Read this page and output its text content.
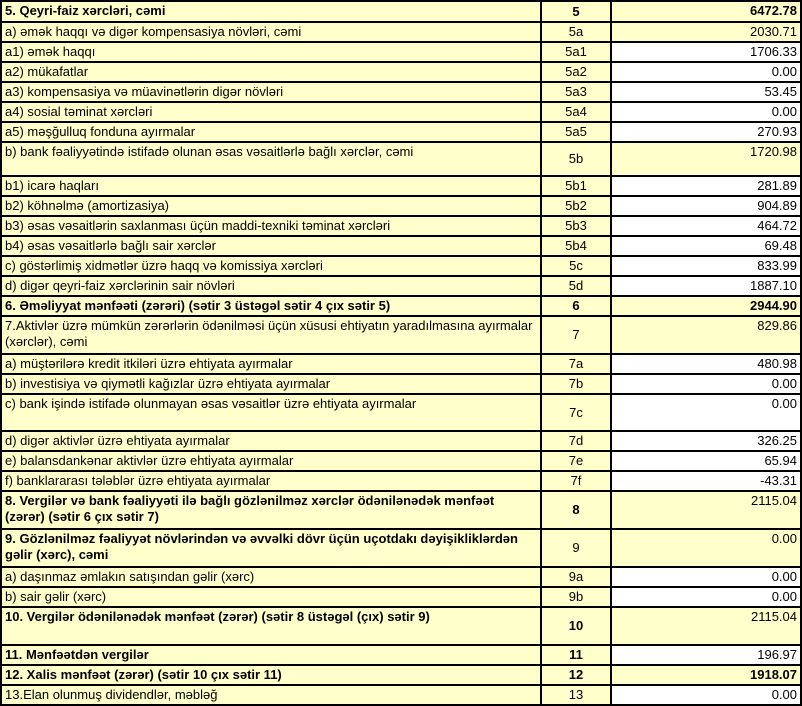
5. Qeyri-faiz xərcləri, cəmi	5	6472.78
a) əmək haqqı və digər kompensasiya növləri, cəmi	5a	2030.71
a1) əmək haqqı	5a1	1706.33
a2) mükafatlar	5a2	0.00
a3) kompensasiya və müavinətlərin digər növləri	5a3	53.45
a4) sosial təminat xərcləri	5a4	0.00
a5) məşğulluq fonduna ayırmalar	5a5	270.93
b) bank fəaliyyətində istifadə olunan əsas vəsaitlərlə bağlı xərclər, cəmi	5b	1720.98
b1) icarə haqları	5b1	281.89
b2) köhnəlmə (amortizasiya)	5b2	904.89
b3) əsas vəsaitlərin saxlanması üçün maddi-texniki təminat xərcləri	5b3	464.72
b4) əsas vəsaitlərlə bağlı sair xərclər	5b4	69.48
c) göstərlimiş xidmətlər üzrə haqq və komissiya xərcləri	5c	833.99
d) digər qeyri-faiz xərclərinin sair növləri	5d	1887.10
6. Əməliyyat mənfəəti (zərəri) (sətir 3 üstəgəl sətir 4 çıx sətir 5)	6	2944.90
7.Aktivlər üzrə mümkün zərərlərin ödənilməsi üçün xüsusi ehtiyatın yaradılmasına ayırmalar (xərclər), cəmi	7	829.86
a) müştərilərə kredit itkiləri üzrə ehtiyata ayırmalar	7a	480.98
b) investisiya və qiymətli kağızlar üzrə ehtiyata ayırmalar	7b	0.00
c) bank işində istifadə olunmayan əsas vəsaitlər üzrə ehtiyata ayırmalar	7c	0.00
d) digər aktivlər üzrə ehtiyata ayırmalar	7d	326.25
e) balansdankənar aktivlər üzrə ehtiyata ayırmalar	7e	65.94
f) banklararası tələblər üzrə ehtiyata ayırmalar	7f	-43.31
8. Vergilər və bank fəaliyyəti ilə bağlı gözlənilməz xərclər ödənilənədək mənfəət (zərər) (sətir 6 çıx sətir 7)	8	2115.04
9. Gözlənilməz fəaliyyət növlərindən və əvvəlki dövr üçün uçotdakı dəyişikliklərdən gəlir (xərc), cəmi	9	0.00
a) daşınmaz əmlakın satışından gəlir (xərc)	9a	0.00
b) sair gəlir (xərc)	9b	0.00
10. Vergilər ödənilənədək mənfəət (zərər) (sətir 8 üstəgəl (çıx) sətir 9)	10	2115.04
11. Mənfəətdən vergilər	11	196.97
12. Xalis mənfəət (zərər) (sətir 10 çıx sətir 11)	12	1918.07
13.Elan olunmuş dividendlər, məbləğ	13	0.00
